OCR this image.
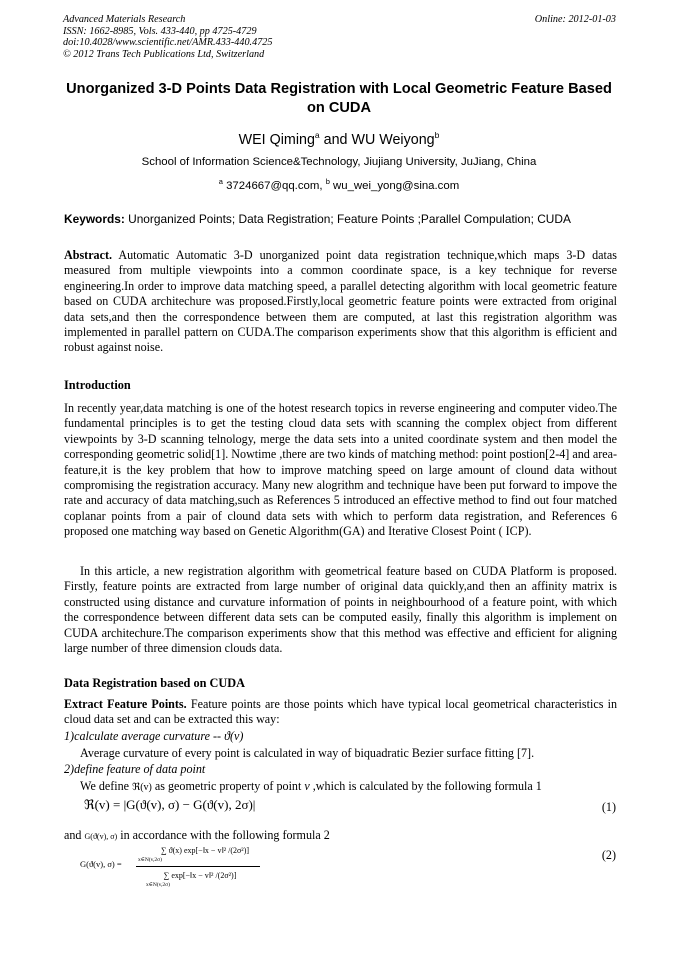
Advanced Materials Research
ISSN: 1662-8985, Vols. 433-440, pp 4725-4729
doi:10.4028/www.scientific.net/AMR.433-440.4725
© 2012 Trans Tech Publications Ltd, Switzerland
Online: 2012-01-03
Unorganized 3-D Points Data Registration with Local Geometric Feature Based on CUDA
WEI Qiming$^a$ and WU Weiyong$^b$
School of Information Science&Technology, Jiujiang University, JuJiang, China
$^a$ 3724667@qq.com, $^b$ wu_wei_yong@sina.com
Keywords: Unorganized Points; Data Registration; Feature Points ;Parallel Compulation; CUDA
Abstract. Automatic Automatic 3-D unorganized point data registration technique,which maps 3-D datas measured from multiple viewpoints into a common coordinate space, is a key technique for reverse engineering.In order to improve data matching speed, a parallel detecting algorithm with local geometric feature based on CUDA architechure was proposed.Firstly,local geometric feature points were extracted from original data sets,and then the correspondence between them are computed, at last this registration algorithm was implemented in parallel pattern on CUDA.The comparison experiments show that this algorithm is efficient and robust against noise.
Introduction
In recently year,data matching is one of the hotest research topics in reverse engineering and computer video.The fundamental principles is to get the testing cloud data sets with scanning the complex object from different viewpoints by 3-D scanning telnology, merge the data sets into a united coordinate system and then model the corresponding geometric solid[1]. Nowtime ,there are two kinds of matching method: point postion[2-4] and area-feature,it is the key problem that how to improve matching speed on large amount of clound data without compromising the registration accuracy. Many new alogrithm and technique have been put forward to impove the rate and accuracy of data matching,such as References 5 introduced an effective method to find out four matched coplanar points from a pair of clound data sets with which to perform data registration, and References 6 proposed one matching way based on Genetic Algorithm(GA) and Iterative Closest Point ( ICP).
In this article, a new registration algorithm with geometrical feature based on CUDA Platform is proposed. Firstly, feature points are extracted from large number of original data quickly,and then an affinity matrix is constructed using distance and curvature information of points in neighbourhood of a feature point, with which the correspondence between different data sets can be computed easily, finally this algorithm is implement on CUDA architechure.The comparison experiments show that this method was effective and efficient for aligning large number of three dimension clouds data.
Data Registration based on CUDA
Extract Feature Points. Feature points are those points which have typical local geometrical characteristics in cloud data set and can be extracted this way:
1)calculate average curvature -- ϑ(v)
Average curvature of every point is calculated in way of biquadratic Bezier surface fitting [7].
2)define feature of data point
We define ℜ(v) as geometric property of point v ,which is calculated by the following formula 1
ℜ(v) = |G(ϑ(v), σ) − G(ϑ(v), 2σ)|	(1)
and G(ϑ(v), σ) in accordance with the following formula 2
G(ϑ(v), σ) =
∑ ϑ(x) exp[−‖x − v‖² /(2σ²)]
x∈N(v,2σ)
∑ exp[−‖x − v‖² /(2σ²)]
x∈N(v,2σ)
(2)
